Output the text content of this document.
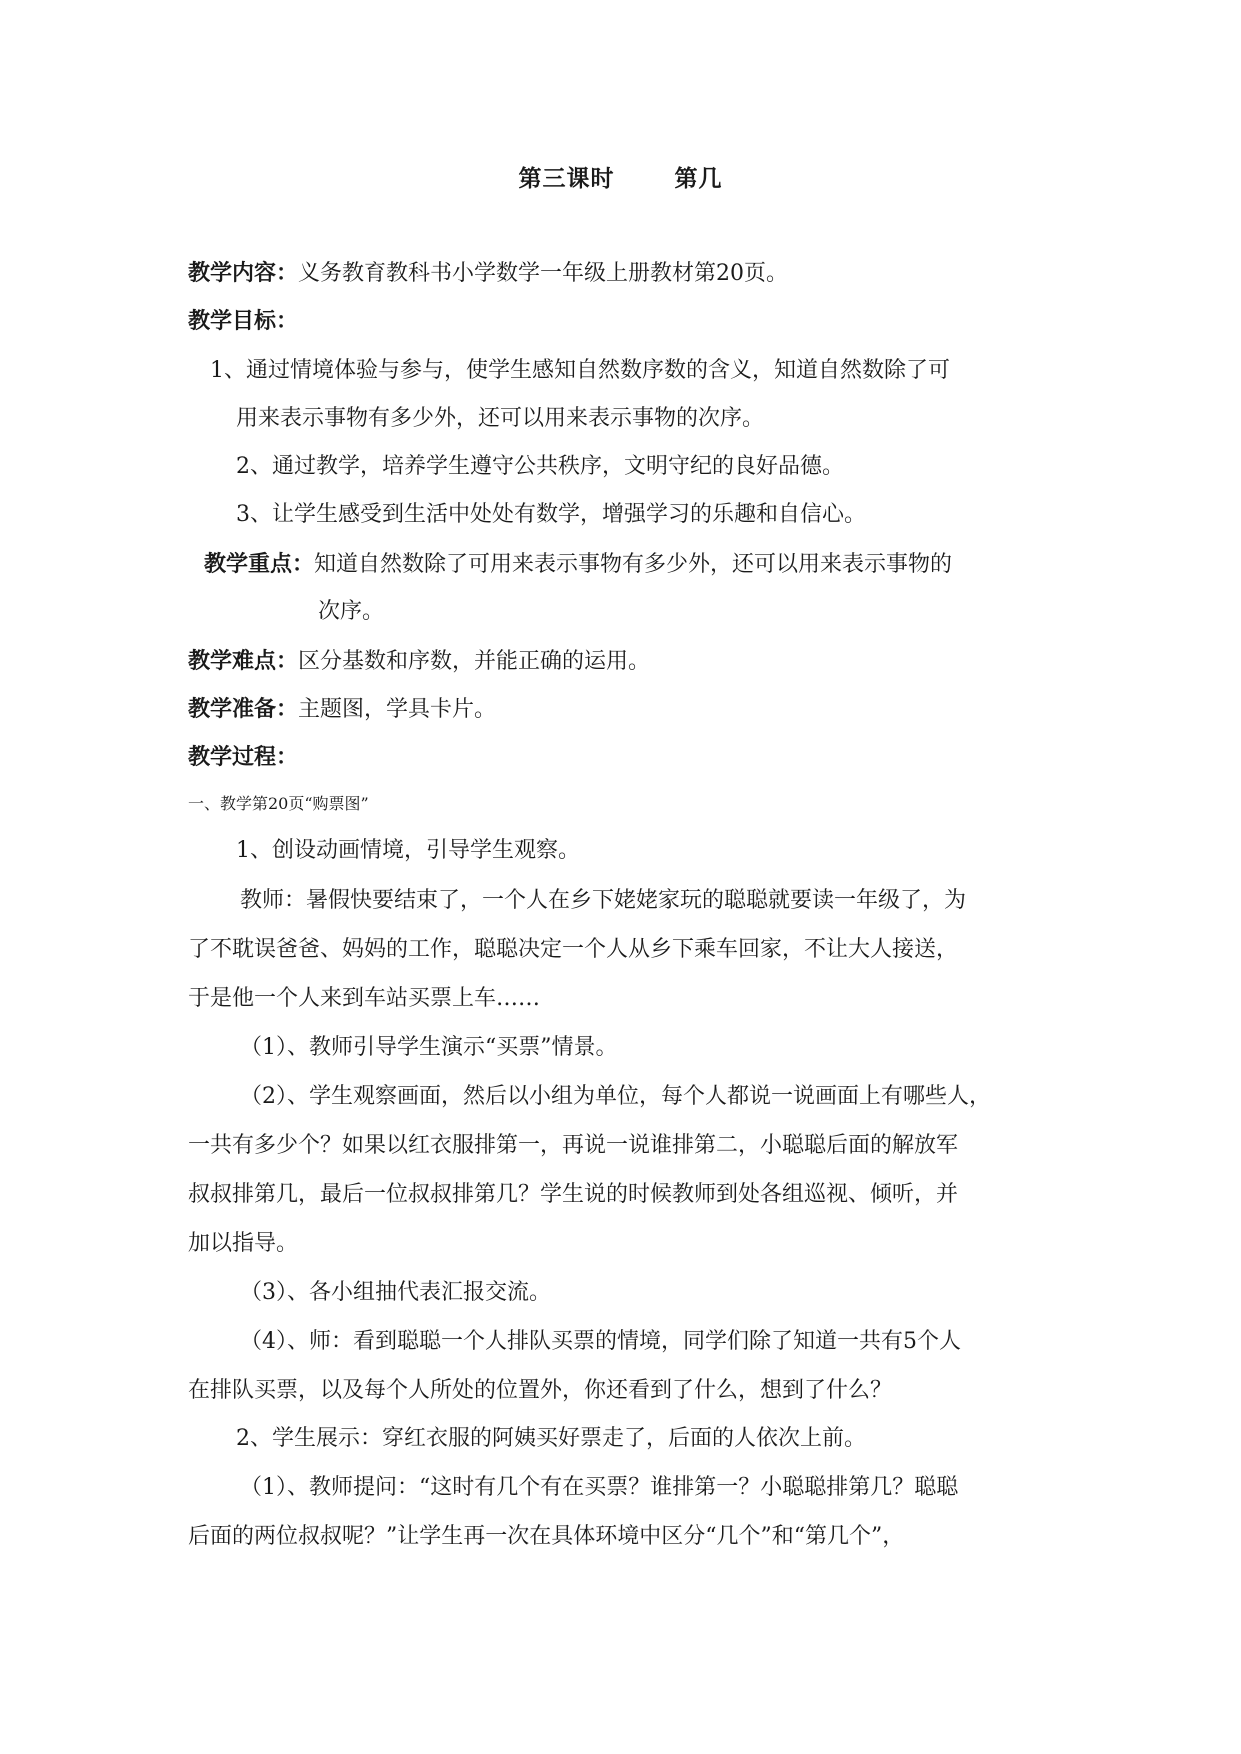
第三课时	第几
教学内容：义务教育教科书小学数学一年级上册教材第20页。
教学目标：
1、通过情境体验与参与，使学生感知自然数序数的含义，知道自然数除了可
用来表示事物有多少外，还可以用来表示事物的次序。
2、通过教学，培养学生遵守公共秩序，文明守纪的良好品德。
3、让学生感受到生活中处处有数学，增强学习的乐趣和自信心。
教学重点：知道自然数除了可用来表示事物有多少外，还可以用来表示事物的
次序。
教学难点：区分基数和序数，并能正确的运用。
教学准备：主题图，学具卡片。
教学过程：
一、教学第20页“购票图”
1、创设动画情境，引导学生观察。
教师：暑假快要结束了，一个人在乡下姥姥家玩的聪聪就要读一年级了，为
了不耽误爸爸、妈妈的工作，聪聪决定一个人从乡下乘车回家，不让大人接送，
于是他一个人来到车站买票上车……
（1）、教师引导学生演示“买票”情景。
（2）、学生观察画面，然后以小组为单位，每个人都说一说画面上有哪些人，
一共有多少个？如果以红衣服排第一，再说一说谁排第二，小聪聪后面的解放军
叔叔排第几，最后一位叔叔排第几？学生说的时候教师到处各组巡视、倾听，并
加以指导。
（3）、各小组抽代表汇报交流。
（4）、师：看到聪聪一个人排队买票的情境，同学们除了知道一共有5个人
在排队买票，以及每个人所处的位置外，你还看到了什么，想到了什么？
2、学生展示：穿红衣服的阿姨买好票走了，后面的人依次上前。
（1）、教师提问：“这时有几个有在买票？谁排第一？小聪聪排第几？聪聪
后面的两位叔叔呢？”让学生再一次在具体环境中区分“几个”和“第几个”，
